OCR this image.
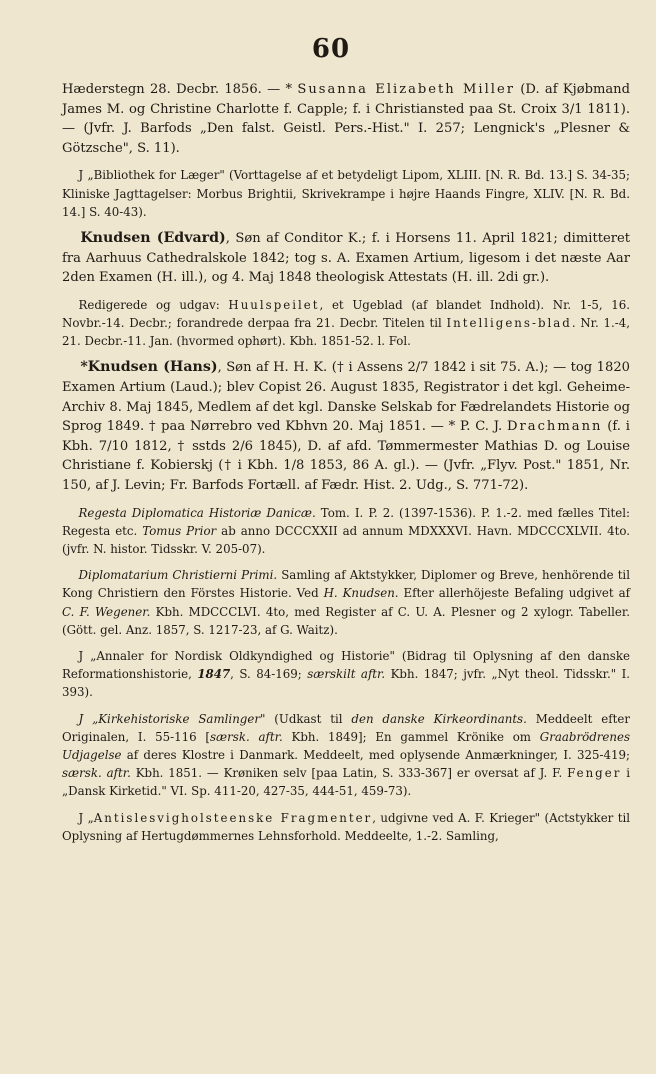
60

Hæderstegn 28. Decbr. 1856. — * Susanna Elizabeth Miller (D. af Kjøbmand James M. og Christine Charlotte f. Capple; f. i Christiansted paa St. Croix 3/1 1811). — (Jvfr. J. Barfods „Den falst. Geistl. Pers.-Hist." I. 257; Lengnick's „Plesner & Götzsche", S. 11).

J „Bibliothek for Læger" (Vorttagelse af et betydeligt Lipom, XLIII. [N. R. Bd. 13.] S. 34-35; Kliniske Jagttagelser: Morbus Brightii, Skrivekrampe i højre Haands Fingre, XLIV. [N. R. Bd. 14.] S. 40-43).

Knudsen (Edvard), Søn af Conditor K.; f. i Horsens 11. April 1821; dimitteret fra Aarhuus Cathedralskole 1842; tog s. A. Examen Artium, ligesom i det næste Aar 2den Examen (H. ill.), og 4. Maj 1848 theologisk Attestats (H. ill. 2di gr.).

Redigerede og udgav: Huulspeilet, et Ugeblad (af blandet Indhold). Nr. 1-5, 16. Novbr.-14. Decbr.; forandrede derpaa fra 21. Decbr. Titelen til Intelligens-blad. Nr. 1.-4, 21. Decbr.-11. Jan. (hvormed ophørt). Kbh. 1851-52. l. Fol.

*Knudsen (Hans), Søn af H. H. K. († i Assens 2/7 1842 i sit 75. A.); — tog 1820 Examen Artium (Laud.); blev Copist 26. August 1835, Registrator i det kgl. Geheime-Archiv 8. Maj 1845, Medlem af det kgl. Danske Selskab for Fædrelandets Historie og Sprog 1849. † paa Nørrebro ved Kbhvn 20. Maj 1851. — * P. C. J. Drachmann (f. i Kbh. 7/10 1812, † sstds 2/6 1845), D. af afd. Tømmermester Mathias D. og Louise Christiane f. Kobierskj († i Kbh. 1/8 1853, 86 A. gl.). — (Jvfr. „Flyv. Post." 1851, Nr. 150, af J. Levin; Fr. Barfods Fortæll. af Fædr. Hist. 2. Udg., S. 771-72).

Regesta Diplomatica Historiæ Danicæ. Tom. I. P. 2. (1397-1536). P. 1.-2. med fælles Titel: Regesta etc. Tomus Prior ab anno DCCCXXII ad annum MDXXXVI. Havn. MDCCCXLVII. 4to. (jvfr. N. histor. Tidsskr. V. 205-07).

Diplomatarium Christierni Primi. Samling af Aktstykker, Diplomer og Breve, henhörende til Kong Christiern den Förstes Historie. Ved H. Knudsen. Efter allerhöjeste Befaling udgivet af C. F. Wegener. Kbh. MDCCCLVI. 4to, med Register af C. U. A. Plesner og 2 xylogr. Tabeller. (Gött. gel. Anz. 1857, S. 1217-23, af G. Waitz).

J „Annaler for Nordisk Oldkyndighed og Historie" (Bidrag til Oplysning af den danske Reformationshistorie, 1847, S. 84-169; særskilt aftr. Kbh. 1847; jvfr. „Nyt theol. Tidsskr." I. 393).

J „Kirkehistoriske Samlinger" (Udkast til den danske Kirkeordinants. Meddeelt efter Originalen, I. 55-116 [særsk. aftr. Kbh. 1849]; En gammel Krönike om Graabrödrenes Udjagelse af deres Klostre i Danmark. Meddeelt, med oplysende Anmærkninger, I. 325-419; særsk. aftr. Kbh. 1851. — Krøniken selv [paa Latin, S. 333-367] er oversat af J. F. Fenger i „Dansk Kirketid." VI. Sp. 411-20, 427-35, 444-51, 459-73).

J „Antislesvigholsteenske Fragmenter, udgivne ved A. F. Krieger" (Actstykker til Oplysning af Hertugdømmernes Lehnsforhold. Meddeelte, 1.-2. Samling,
